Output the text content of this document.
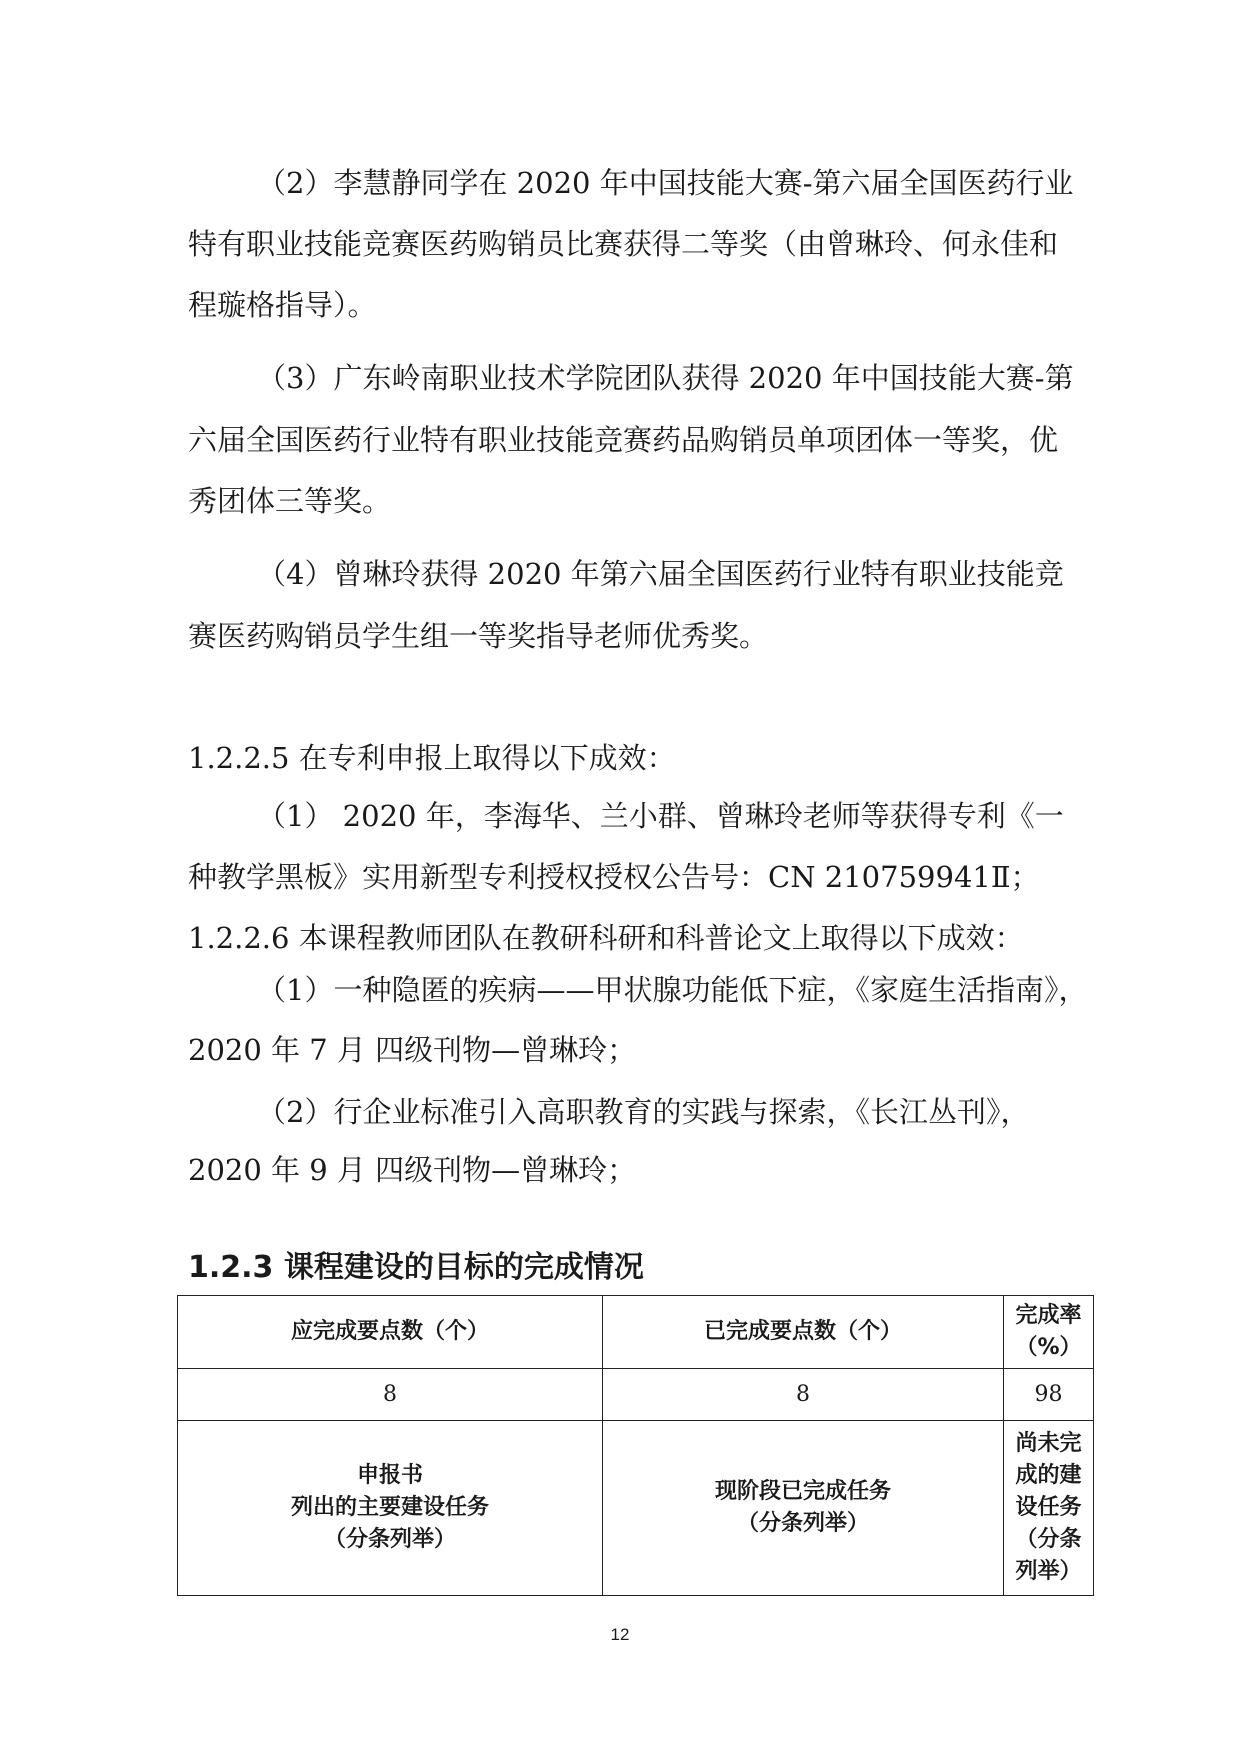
（2）李慧静同学在 2020 年中国技能大赛-第六届全国医药行业

特有职业技能竞赛医药购销员比赛获得二等奖（由曾琳玲、何永佳和

程璇格指导）。

（3）广东岭南职业技术学院团队获得 2020 年中国技能大赛-第

六届全国医药行业特有职业技能竞赛药品购销员单项团体一等奖，优

秀团体三等奖。

（4）曾琳玲获得 2020 年第六届全国医药行业特有职业技能竞

赛医药购销员学生组一等奖指导老师优秀奖。

1.2.2.5 在专利申报上取得以下成效：

（1） 2020 年，李海华、兰小群、曾琳玲老师等获得专利《一

种教学黑板》实用新型专利授权授权公告号：CN 210759941Ⅱ；

1.2.2.6 本课程教师团队在教研科研和科普论文上取得以下成效：

（1）一种隐匿的疾病——甲状腺功能低下症，《家庭生活指南》，

2020 年 7 月 四级刊物—曾琳玲；

（2）行企业标准引入高职教育的实践与探索，《长江丛刊》，

2020 年 9 月 四级刊物—曾琳玲；

1.2.3 课程建设的目标的完成情况

应完成要点数（个）	已完成要点数（个）	完成率
（%）

8	8	98

申报书
列出的主要建设任务
（分条列举）	现阶段已完成任务
（分条列举）	尚未完
成的建
设任务
（分条
列举）
12
